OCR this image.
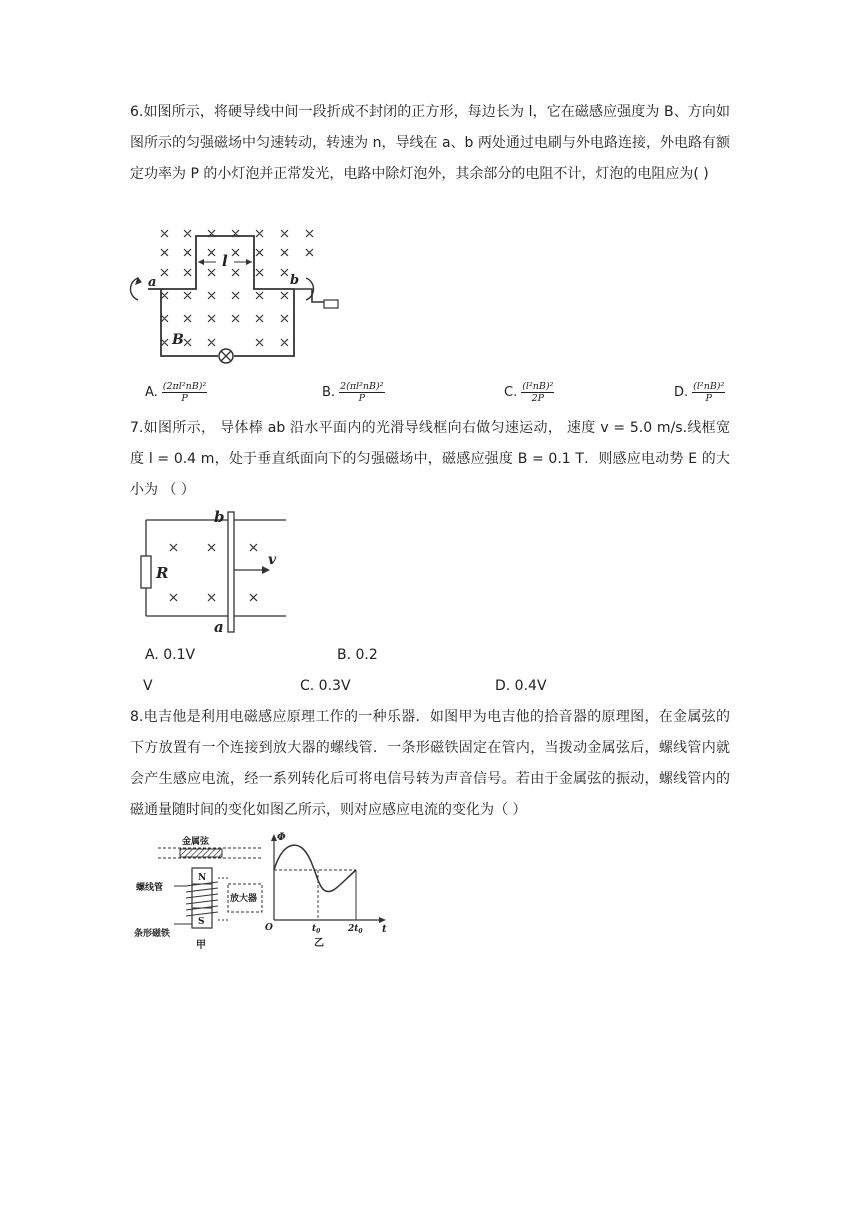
6.如图所示，将硬导线中间一段折成不封闭的正方形，每边长为 l，它在磁感应强度为 B、方向如图所示的匀强磁场中匀速转动，转速为 n，导线在 a、b 两处通过电刷与外电路连接，外电路有额定功率为 P 的小灯泡并正常发光，电路中除灯泡外，其余部分的电阻不计，灯泡的电阻应为( )

l
a	b
B
A. $\frac{\text{(2πl²nB)²}}{P}$	B. $\frac{\text{2(πl²nB)²}}{P}$	C. $\frac{\text{(l²nB)²}}{2P}$	D. $\frac{\text{(l²nB)²}}{P}$

7.如图所示， 导体棒 ab 沿水平面内的光滑导线框向右做匀速运动， 速度 v = 5.0 m/s.线框宽度 l = 0.4 m，处于垂直纸面向下的匀强磁场中，磁感应强度 B = 0.1 T．则感应电动势 E 的大小为 （ ）

b
a
R
v
A. 0.1V	B. 0.2
V	C. 0.3V	D. 0.4V

8.电吉他是利用电磁感应原理工作的一种乐器．如图甲为电吉他的拾音器的原理图，在金属弦的下方放置有一个连接到放大器的螺线管．一条形磁铁固定在管内，当拨动金属弦后，螺线管内就会产生感应电流，经一系列转化后可将电信号转为声音信号。若由于金属弦的振动，螺线管内的磁通量随时间的变化如图乙所示，则对应感应电流的变化为（ ）

金属弦
螺线管
条形磁铁
放大器
N
S
甲
Φ
t
O	$t_0$	$2t_0$
乙
